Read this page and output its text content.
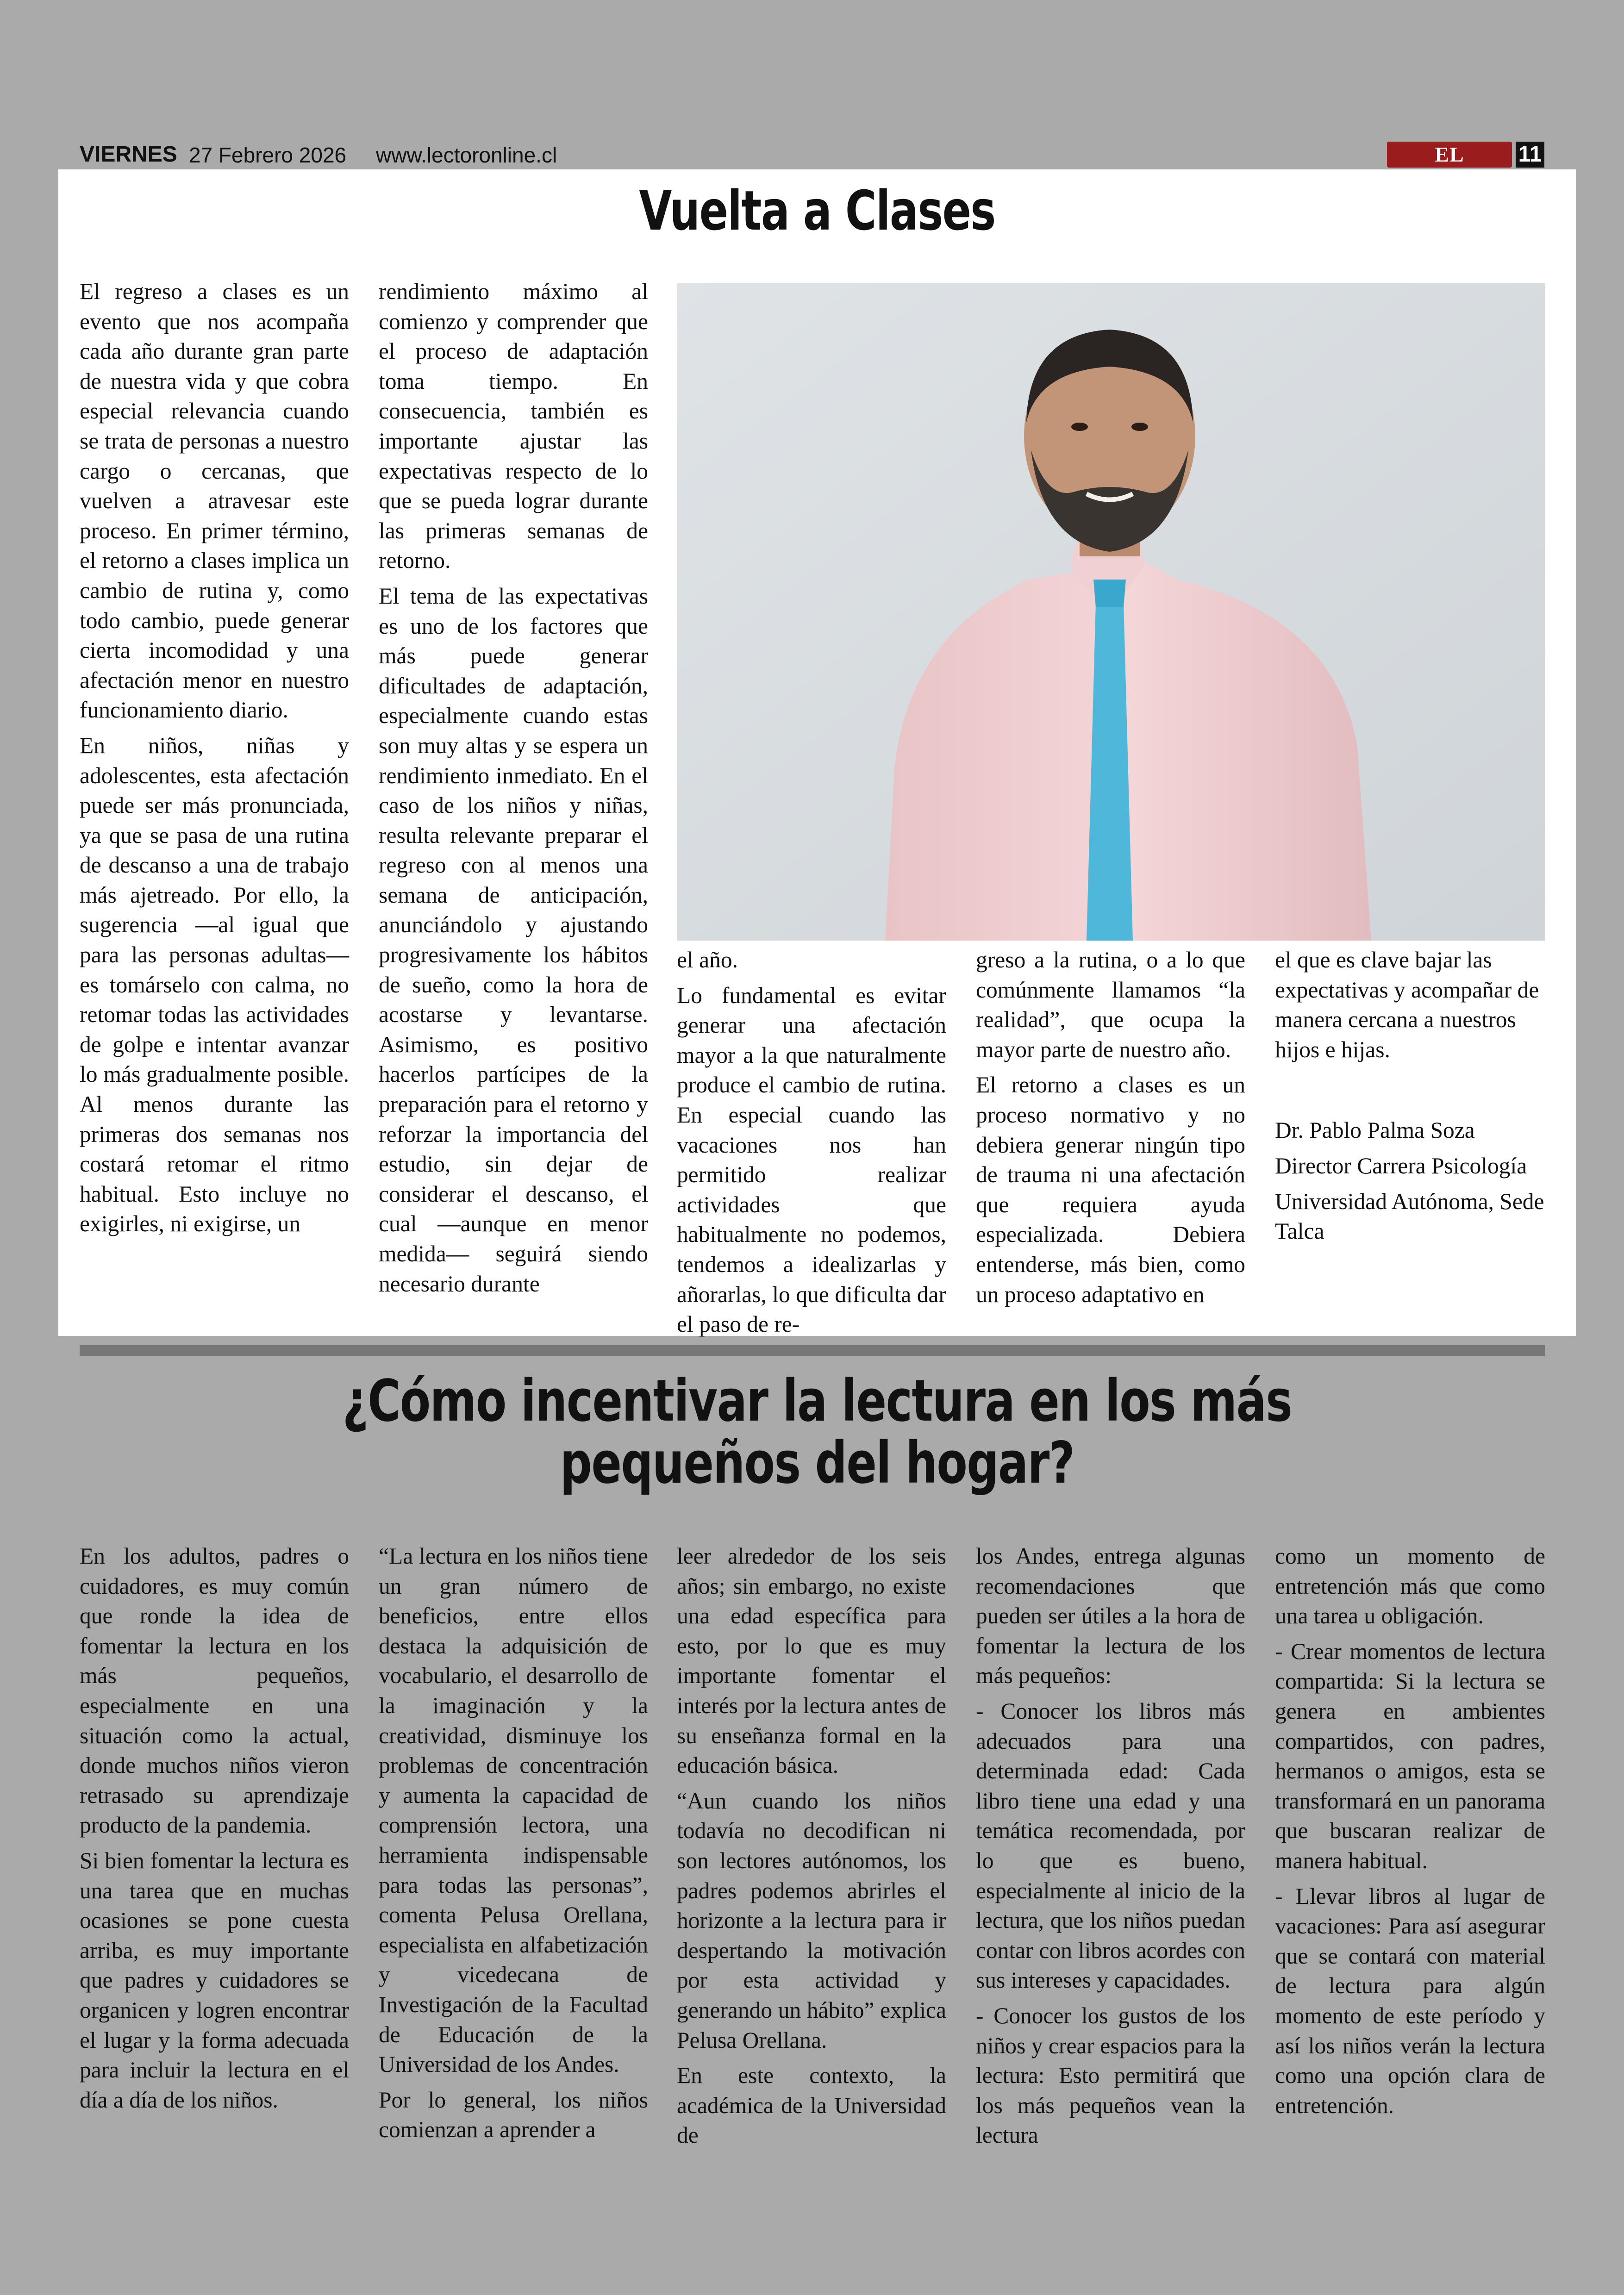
VIERNES 27 Febrero 2026 www.lectoronline.cl	EL	11
Vuelta a Clases

El regreso a clases es un evento que nos acompaña cada año durante gran parte de nuestra vida y que cobra especial relevancia cuando se trata de personas a nuestro cargo o cercanas, que vuelven a atravesar este proceso. En primer término, el retorno a clases implica un cambio de rutina y, como todo cambio, puede generar cierta incomodidad y una afectación menor en nuestro funcionamiento diario.

En niños, niñas y adolescentes, esta afectación puede ser más pronunciada, ya que se pasa de una rutina de descanso a una de trabajo más ajetreado. Por ello, la sugerencia —al igual que para las personas adultas— es tomárselo con calma, no retomar todas las actividades de golpe e intentar avanzar lo más gradualmente posible. Al menos durante las primeras dos semanas nos costará retomar el ritmo habitual. Esto incluye no exigirles, ni exigirse, un

rendimiento máximo al comienzo y comprender que el proceso de adaptación toma tiempo. En consecuencia, también es importante ajustar las expectativas respecto de lo que se pueda lograr durante las primeras semanas de retorno.

El tema de las expectativas es uno de los factores que más puede generar dificultades de adaptación, especialmente cuando estas son muy altas y se espera un rendimiento inmediato. En el caso de los niños y niñas, resulta relevante preparar el regreso con al menos una semana de anticipación, anunciándolo y ajustando progresivamente los hábitos de sueño, como la hora de acostarse y levantarse. Asimismo, es positivo hacerlos partícipes de la preparación para el retorno y reforzar la importancia del estudio, sin dejar de considerar el descanso, el cual —aunque en menor medida— seguirá siendo necesario durante

el año.

Lo fundamental es evitar generar una afectación mayor a la que naturalmente produce el cambio de rutina. En especial cuando las vacaciones nos han permitido realizar actividades que habitualmente no podemos, tendemos a idealizarlas y añorarlas, lo que dificulta dar el paso de re-

greso a la rutina, o a lo que comúnmente llamamos “la realidad”, que ocupa la mayor parte de nuestro año.

El retorno a clases es un proceso normativo y no debiera generar ningún tipo de trauma ni una afectación que requiera ayuda especializada. Debiera entenderse, más bien, como un proceso adaptativo en

el que es clave bajar las expectativas y acompañar de manera cercana a nuestros hijos e hijas.

Dr. Pablo Palma Soza

Director Carrera Psicología

Universidad Autónoma, Sede Talca

¿Cómo incentivar la lectura en los más
pequeños del hogar?

En los adultos, padres o cuidadores, es muy común que ronde la idea de fomentar la lectura en los más pequeños, especialmente en una situación como la actual, donde muchos niños vieron retrasado su aprendizaje producto de la pandemia.

Si bien fomentar la lectura es una tarea que en muchas ocasiones se pone cuesta arriba, es muy importante que padres y cuidadores se organicen y logren encontrar el lugar y la forma adecuada para incluir la lectura en el día a día de los niños.

“La lectura en los niños tiene un gran número de beneficios, entre ellos destaca la adquisición de vocabulario, el desarrollo de la imaginación y la creatividad, disminuye los problemas de concentración y aumenta la capacidad de comprensión lectora, una herramienta indispensable para todas las personas”, comenta Pelusa Orellana, especialista en alfabetización y vicedecana de Investigación de la Facultad de Educación de la Universidad de los Andes.

Por lo general, los niños comienzan a aprender a

leer alrededor de los seis años; sin embargo, no existe una edad específica para esto, por lo que es muy importante fomentar el interés por la lectura antes de su enseñanza formal en la educación básica.

“Aun cuando los niños todavía no decodifican ni son lectores autónomos, los padres podemos abrirles el horizonte a la lectura para ir despertando la motivación por esta actividad y generando un hábito” explica Pelusa Orellana.

En este contexto, la académica de la Universidad de

los Andes, entrega algunas recomendaciones que pueden ser útiles a la hora de fomentar la lectura de los más pequeños:

- Conocer los libros más adecuados para una determinada edad: Cada libro tiene una edad y una temática recomendada, por lo que es bueno, especialmente al inicio de la lectura, que los niños puedan contar con libros acordes con sus intereses y capacidades.

- Conocer los gustos de los niños y crear espacios para la lectura: Esto permitirá que los más pequeños vean la lectura

como un momento de entretención más que como una tarea u obligación.

- Crear momentos de lectura compartida: Si la lectura se genera en ambientes compartidos, con padres, hermanos o amigos, esta se transformará en un panorama que buscaran realizar de manera habitual.

- Llevar libros al lugar de vacaciones: Para así asegurar que se contará con material de lectura para algún momento de este período y así los niños verán la lectura como una opción clara de entretención.
